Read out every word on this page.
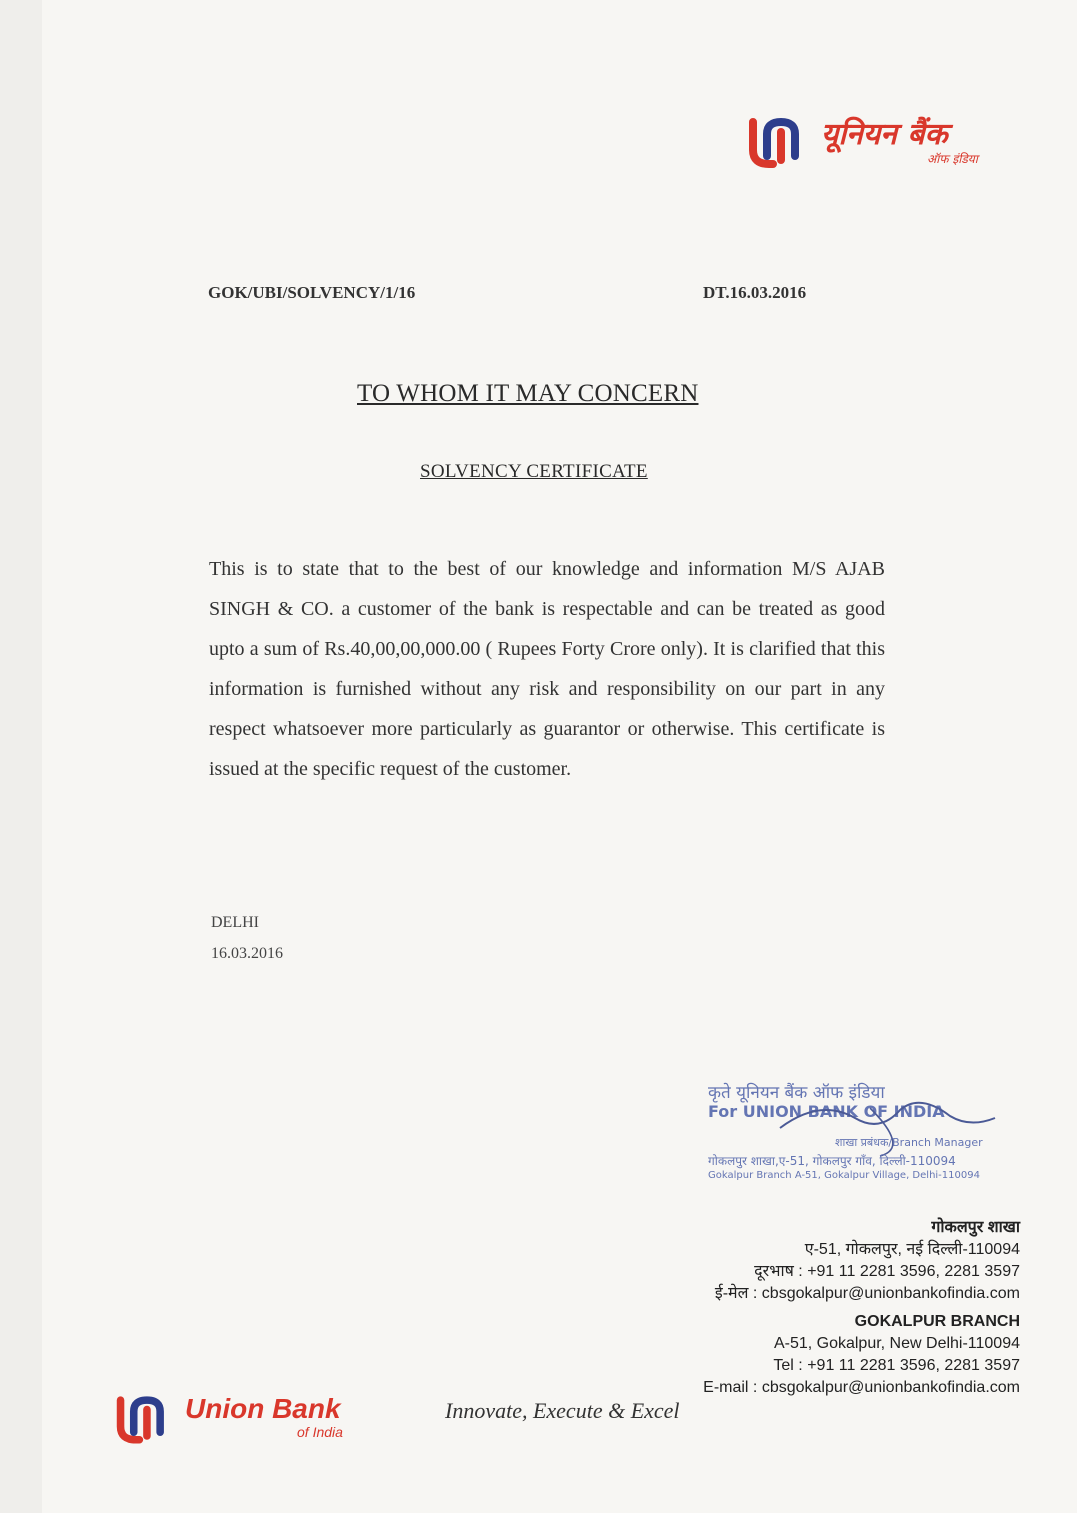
यूनियन बैंक
ऑफ इंडिया
GOK/UBI/SOLVENCY/1/16	DT.16.03.2016
TO WHOM IT MAY CONCERN
SOLVENCY CERTIFICATE
This is to state that to the best of our knowledge and information M/S AJAB SINGH & CO. a customer of the bank is respectable and can be treated as good upto a sum of Rs.40,00,00,000.00 ( Rupees Forty Crore only). It is clarified that this information is furnished without any risk and responsibility on our part in any respect whatsoever more particularly as guarantor or otherwise. This certificate is issued at the specific request of the customer.
DELHI
16.03.2016
कृते यूनियन बैंक ऑफ इंडिया
For UNION BANK OF INDIA
शाखा प्रबंधक/Branch Manager
गोकलपुर शाखा,ए-51, गोकलपुर गाँव, दिल्ली-110094
Gokalpur Branch A-51, Gokalpur Village, Delhi-110094
गोकलपुर शाखा
ए-51, गोकलपुर, नई दिल्ली-110094
दूरभाष : +91 11 2281 3596, 2281 3597
ई-मेल : cbsgokalpur@unionbankofindia.com
GOKALPUR BRANCH
A-51, Gokalpur, New Delhi-110094
Tel : +91 11 2281 3596, 2281 3597
E-mail : cbsgokalpur@unionbankofindia.com
Union Bank
of India
Innovate, Execute & Excel
